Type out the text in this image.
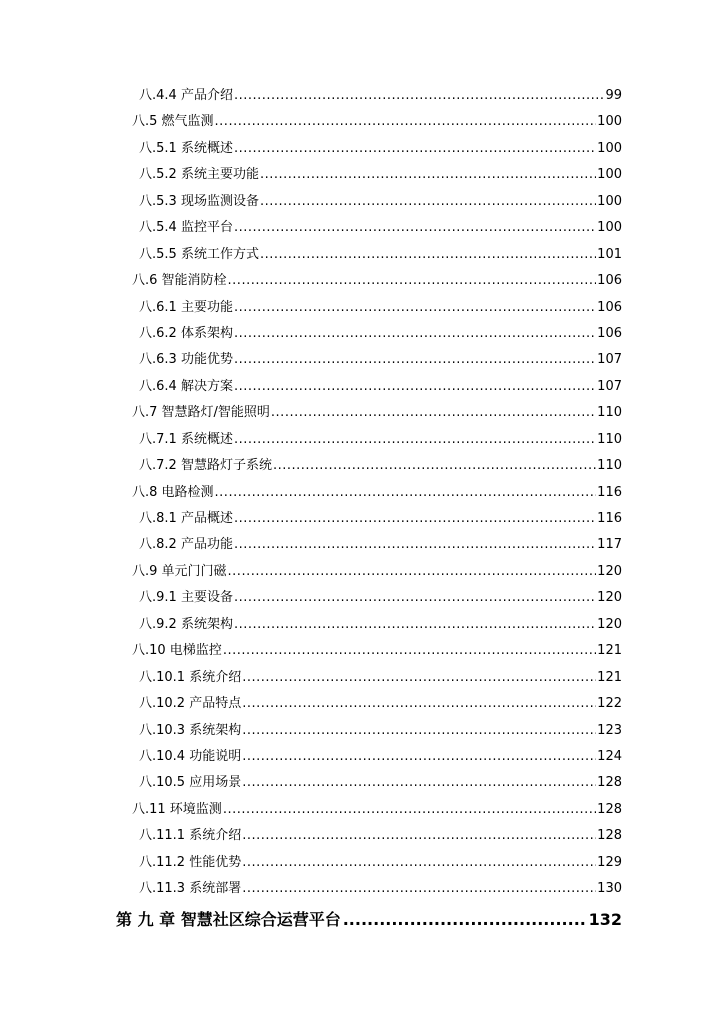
八.4.4 产品介绍 .....	99
八.5 燃气监测 .....	100
八.5.1 系统概述 .....	100
八.5.2 系统主要功能 .....	100
八.5.3 现场监测设备 .....	100
八.5.4 监控平台 .....	100
八.5.5 系统工作方式 .....	101
八.6 智能消防栓 .....	106
八.6.1 主要功能 .....	106
八.6.2 体系架构 .....	106
八.6.3 功能优势 .....	107
八.6.4 解决方案 .....	107
八.7 智慧路灯/智能照明 .....	110
八.7.1 系统概述 .....	110
八.7.2 智慧路灯子系统 .....	110
八.8 电路检测 .....	116
八.8.1 产品概述 .....	116
八.8.2 产品功能 .....	117
八.9 单元门门磁 .....	120
八.9.1 主要设备 .....	120
八.9.2 系统架构 .....	120
八.10 电梯监控 .....	121
八.10.1 系统介绍 .....	121
八.10.2 产品特点 .....	122
八.10.3 系统架构 .....	123
八.10.4 功能说明 .....	124
八.10.5 应用场景 .....	128
八.11 环境监测 .....	128
八.11.1 系统介绍 .....	128
八.11.2 性能优势 .....	129
八.11.3 系统部署 .....	130
第 九 章 智慧社区综合运营平台 .....	132
